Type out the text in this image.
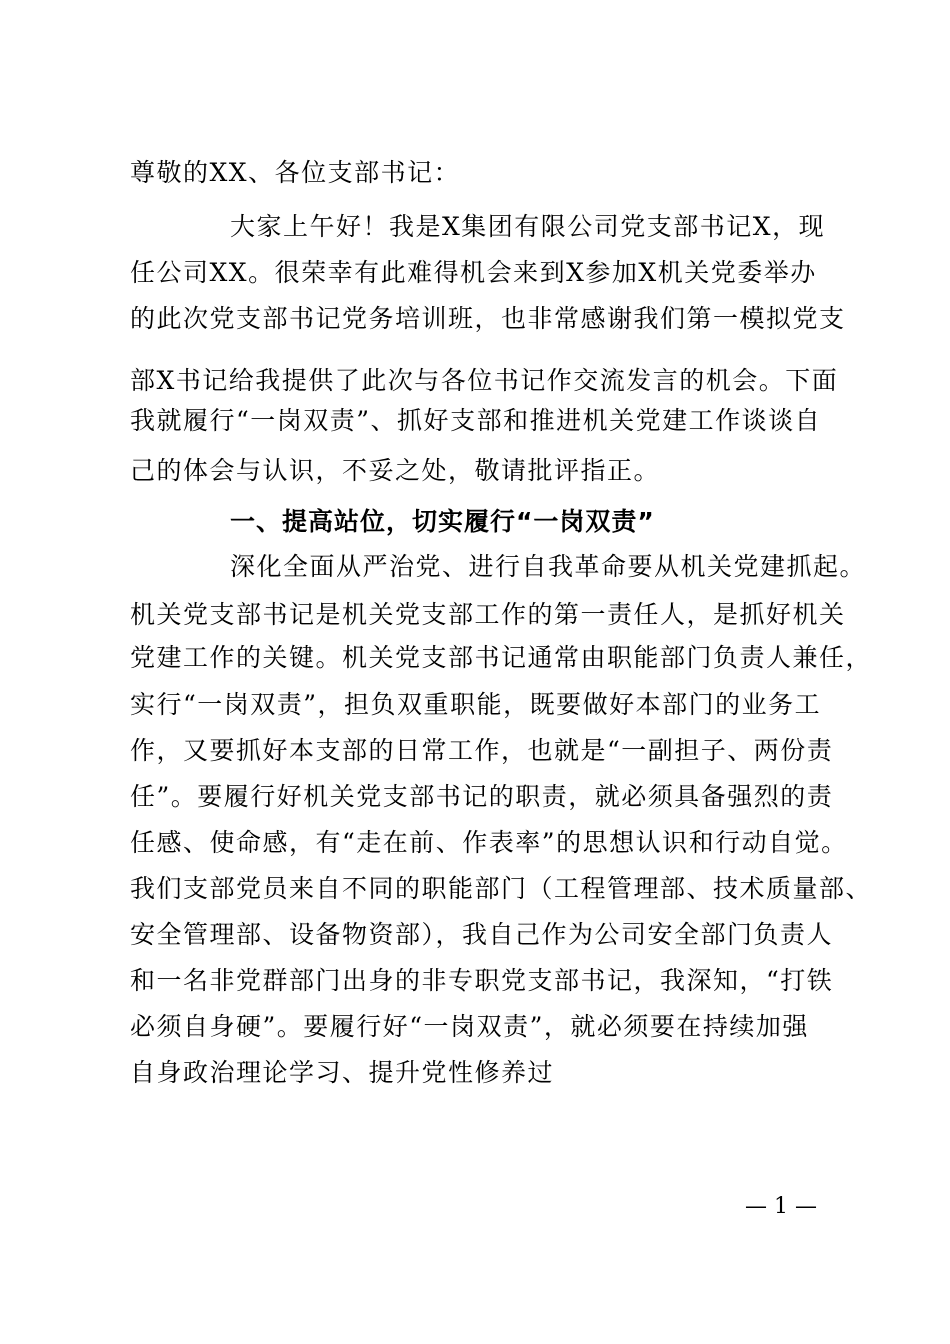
尊敬的XX、各位支部书记：
大家上午好！我是X集团有限公司党支部书记X，现
任公司XX。很荣幸有此难得机会来到X参加X机关党委举办
的此次党支部书记党务培训班，也非常感谢我们第一模拟党支
部X书记给我提供了此次与各位书记作交流发言的机会。下面
我就履行“一岗双责”、抓好支部和推进机关党建工作谈谈自
己的体会与认识，不妥之处，敬请批评指正。
一、提高站位，切实履行“一岗双责”
深化全面从严治党、进行自我革命要从机关党建抓起。
机关党支部书记是机关党支部工作的第一责任人，是抓好机关
党建工作的关键。机关党支部书记通常由职能部门负责人兼任，
实行“一岗双责”，担负双重职能，既要做好本部门的业务工
作，又要抓好本支部的日常工作，也就是“一副担子、两份责
任”。要履行好机关党支部书记的职责，就必须具备强烈的责
任感、使命感，有“走在前、作表率”的思想认识和行动自觉。
我们支部党员来自不同的职能部门（工程管理部、技术质量部、
安全管理部、设备物资部），我自己作为公司安全部门负责人
和一名非党群部门出身的非专职党支部书记，我深知，“打铁
必须自身硬”。要履行好“一岗双责”，就必须要在持续加强
自身政治理论学习、提升党性修养过
— 1 —
